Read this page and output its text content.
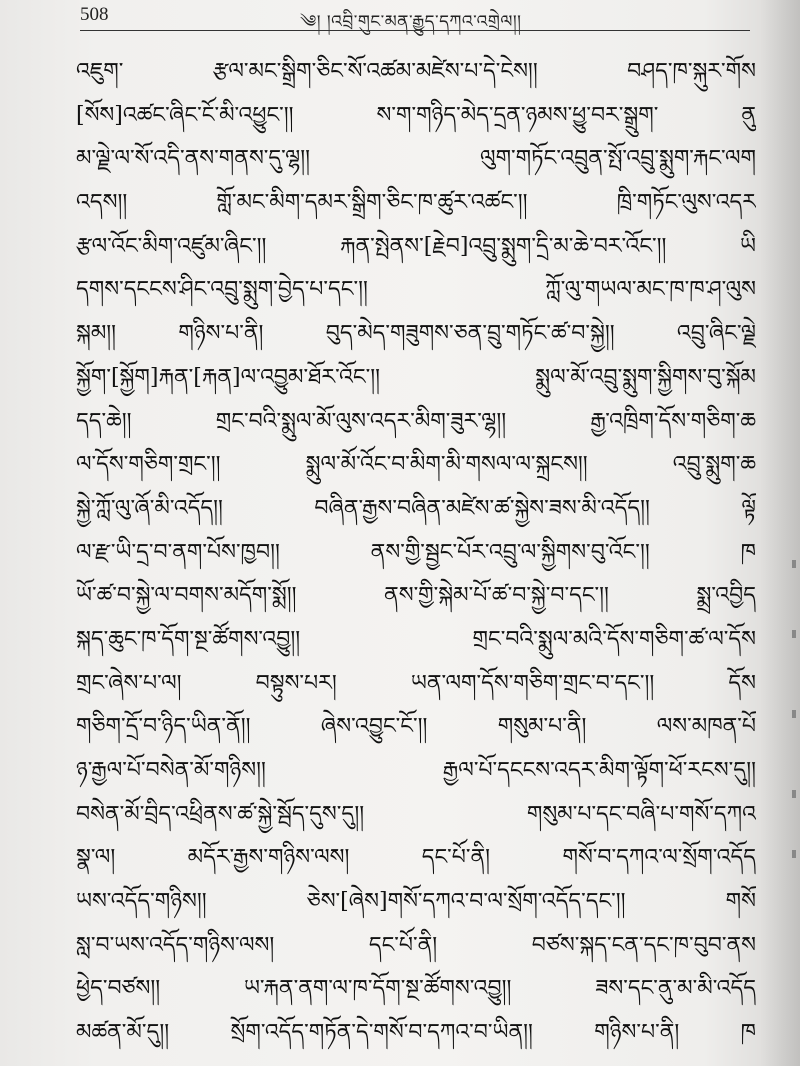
508	༄། །འབྲི་གུང་མན་རྒྱུད་དཀའ་འགྲེལ།།
འཇུག་ རྩལ་མང་སྒྲིག་ཅིང་སོ་འཚམ་མཛེས་པ་དེ་ངེས།། བཤད་ཁ་སྐུར་གོས
[སོས]འཚང་ཞིང་ངོ་མི་འཕྱུང་།། ས་ག་གཉིད་མེད་དྲན་ཉམས་ཕྱུ་བར་སྒྲུག་ ནུ
མ་ལྗེ་ལ་སོ་འདི་ནས་གནས་དུ་ལྷ།། ལུག་གཏོང་འབྲུན་སྤོ་འབྲུ་སྨུག་རྐང་ལག
འདས།། གློ་མང་མིག་དམར་སྒྲིག་ཅིང་ཁ་ཚུར་འཚང་།། ཁྲི་གཏོང་ལུས་འདར
རྩལ་འོང་མིག་འཛུམ་ཞིང་།། རྐན་སྤེནས་[རྗེབ]འབྲུ་སྨུག་དྲི་མ་ཆེ་བར་འོང་།། ཡི
དགས་དངངས་ཤིང་འབྲུ་སྨུག་བྱེད་པ་དང་།། ཀློ་ལུ་གཡལ་མང་ཁ་ཁ་ཤ་ལུས
སྐམ།། གཉིས་པ་ནི། བུད་མེད་གཟུགས་ཅན་བྲུ་གཏོང་ཚ་བ་སྐྱེ།། འབྲུ་ཞིང་ལྗེ
སྐྱོག་[སྐྱོག]རྐན་[རྐན]ལ་འབྱུམ་ཐོར་འོང་།། སྨུལ་མོ་འབྲུ་སྨུག་སྐྱིགས་བུ་སྐོམ
དད་ཆེ།། གྲང་བའི་སྨུལ་མོ་ལུས་འདར་མིག་ཟུར་ལྷ།། རྒྱ་འཁྲིག་དོས་གཅིག་ཆ
ལ་དོས་གཅིག་གྲང་།། སྨུལ་མོ་འོང་བ་མིག་མི་གསལ་ལ་སྐྲངས།། འབྲུ་སྨུག་ཆ
སྐྱེ་ཀློ་ལུ་ཞོ་མི་འདོད།། བཞིན་རྒྱས་བཞིན་མཛེས་ཚ་སྐྱེས་ཟས་མི་འདོད།། ལྟོ
ལ་རྫ་ཡི་དྲ་བ་ནག་པོས་ཁྱབ།། ནས་གྱི་སྦྱང་པོར་འབྲུ་ལ་སྐྱིགས་བུ་འོང་།། ཁ
ཡོ་ཚ་བ་སྐྱེ་ལ་བགས་མདོག་སྨོ།། ནས་གྱི་སྐེམ་པོ་ཚ་བ་སྐྱེ་བ་དང་།། སྨྲ་འབྱིད
སྐད་ཆུང་ཁ་དོག་སྔ་ཚོགས་འབྱུ།། གྲང་བའི་སྨུལ་མའི་དོས་གཅིག་ཚ་ལ་དོས
གྲང་ཞེས་པ་ལ། བསྟུས་པར། ཡན་ལག་དོས་གཅིག་གྲང་བ་དང་།། དོས
གཅིག་དྲོ་བ་ཉིད་ཡིན་ནོ།། ཞེས་འབྱུང་ངོ་།། གསུམ་པ་ནི། ལས་མཁན་པོ
ཉ་རྒྱལ་པོ་བསེན་མོ་གཉིས།། རྒྱལ་པོ་དངངས་འདར་མིག་ལྟོག་ཕོ་རངས་དུ།།
བསེན་མོ་བྲིད་འཕྲིནས་ཚ་སྐྱེ་སྦོད་དུས་དུ།། གསུམ་པ་དང་བཞི་པ་གསོ་དཀའ
སྣ་ལ། མདོར་རྒྱས་གཉིས་ལས། དང་པོ་ནི། གསོ་བ་དཀའ་ལ་སྲོག་འདོད
ཡས་འདོད་གཉིས།། ཅེས་[ཞེས]གསོ་དཀའ་བ་ལ་སྲོག་འདོད་དང་།། གསོ
སླ་བ་ཡས་འདོད་གཉིས་ལས། དང་པོ་ནི། བཙས་སྐད་ངན་དང་ཁ་བུབ་ནས
ཕྱེད་བཙས།། ཡ་རྐན་ནག་ལ་ཁ་དོག་སྔ་ཚོགས་འབྱུ།། ཟས་དང་ནུ་མ་མི་འདོད
མཚན་མོ་དུ།། སྲོག་འདོད་གཏོན་དེ་གསོ་བ་དཀའ་བ་ཡིན།། གཉིས་པ་ནི། ཁ
